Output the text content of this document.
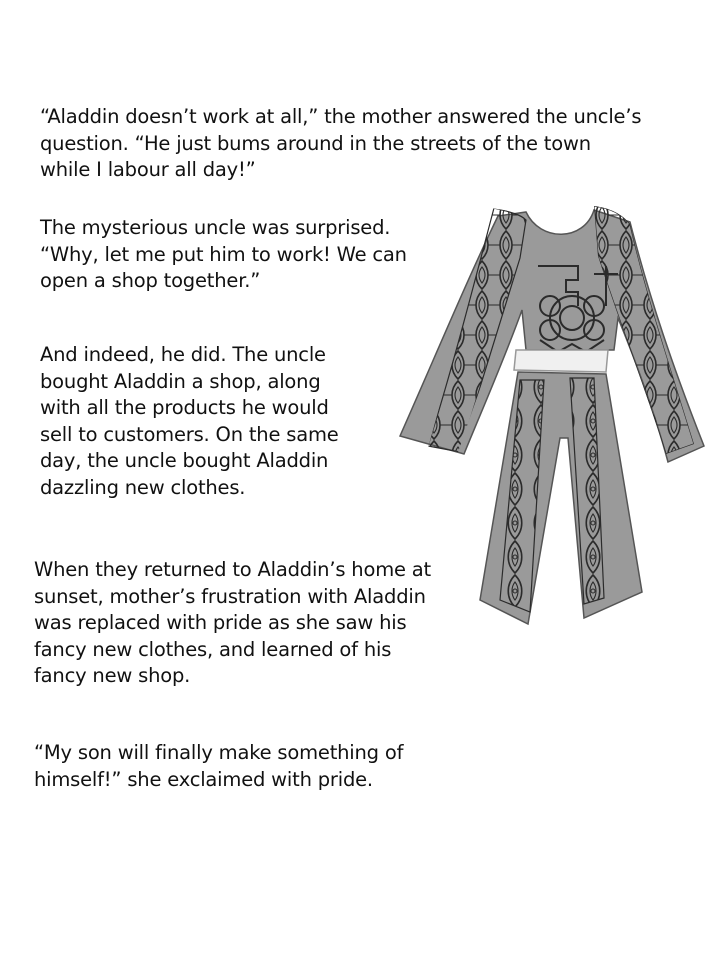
“Aladdin doesn’t work at all,” the mother answered the uncle’s
question. “He just bums around in the streets of the town
while I labour all day!”

The mysterious uncle was surprised.
“Why, let me put him to work! We can
open a shop together.”

And indeed, he did. The uncle
bought Aladdin a shop, along
with all the products he would
sell to customers. On the same
day, the uncle bought Aladdin
dazzling new clothes.

When they returned to Aladdin’s home at
sunset, mother’s frustration with Aladdin
was replaced with pride as she saw his
fancy new clothes, and learned of his
fancy new shop.

“My son will finally make something of
himself!” she exclaimed with pride.
